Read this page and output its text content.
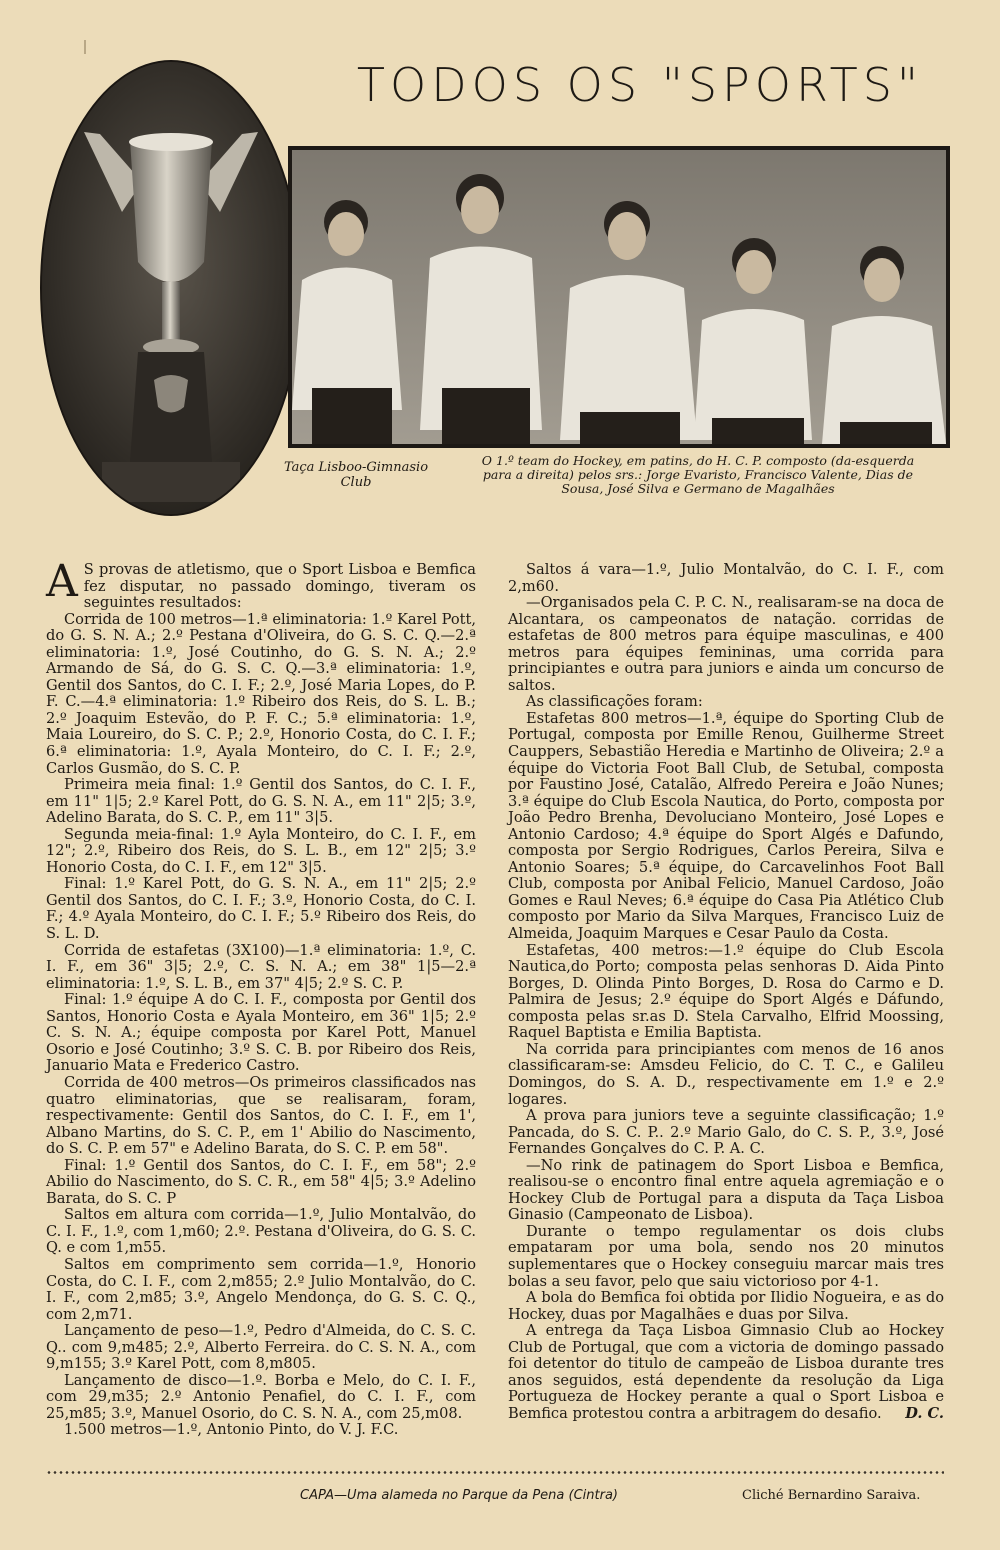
TODOS OS "SPORTS"
Taça Lisboo-Gimnasio Club
O 1.º team do Hockey, em patins, do H. C. P. composto (da-esquerda para a direita) pelos srs.: Jorge Evaristo, Francisco Valente, Dias de Sousa, José Silva e Germano de Magalhães

A S provas de atletismo, que o Sport Lisboa e Bemfica fez disputar, no passado domingo, tiveram os seguintes resultados:

Corrida de 100 metros—1.ª eliminatoria: 1.º Karel Pott, do G. S. N. A.; 2.º Pestana d'Oliveira, do G. S. C. Q.—2.ª eliminatoria: 1.º, José Coutinho, do G. S. N. A.; 2.º Armando de Sá, do G. S. C. Q.—3.ª eliminatoria: 1.º, Gentil dos Santos, do C. I. F.; 2.º, José Maria Lopes, do P. F. C.—4.ª eliminatoria: 1.º Ribeiro dos Reis, do S. L. B.; 2.º Joaquim Estevão, do P. F. C.; 5.ª eliminatoria: 1.º, Maia Loureiro, do S. C. P.; 2.º, Honorio Costa, do C. I. F.; 6.ª eliminatoria: 1.º, Ayala Monteiro, do C. I. F.; 2.º, Carlos Gusmão, do S. C. P.

Primeira meia final: 1.º Gentil dos Santos, do C. I. F., em 11" 1|5; 2.º Karel Pott, do G. S. N. A., em 11" 2|5; 3.º, Adelino Barata, do S. C. P., em 11" 3|5.

Segunda meia-final: 1.º Ayla Monteiro, do C. I. F., em 12"; 2.º, Ribeiro dos Reis, do S. L. B., em 12" 2|5; 3.º Honorio Costa, do C. I. F., em 12" 3|5.

Final: 1.º Karel Pott, do G. S. N. A., em 11" 2|5; 2.º Gentil dos Santos, do C. I. F.; 3.º, Honorio Costa, do C. I. F.; 4.º Ayala Monteiro, do C. I. F.; 5.º Ribeiro dos Reis, do S. L. D.

Corrida de estafetas (3X100)—1.ª eliminatoria: 1.º, C. I. F., em 36" 3|5; 2.º, C. S. N. A.; em 38" 1|5—2.ª eliminatoria: 1.º, S. L. B., em 37" 4|5; 2.º S. C. P.

Final: 1.º équipe A do C. I. F., composta por Gentil dos Santos, Honorio Costa e Ayala Monteiro, em 36" 1|5; 2.º C. S. N. A.; équipe composta por Karel Pott, Manuel Osorio e José Coutinho; 3.º S. C. B. por Ribeiro dos Reis, Januario Mata e Frederico Castro.

Corrida de 400 metros—Os primeiros classificados nas quatro eliminatorias, que se realisaram, foram, respectivamente: Gentil dos Santos, do C. I. F., em 1', Albano Martins, do S. C. P., em 1' Abilio do Nascimento, do S. C. P. em 57" e Adelino Barata, do S. C. P. em 58".

Final: 1.º Gentil dos Santos, do C. I. F., em 58"; 2.º Abilio do Nascimento, do S. C. R., em 58" 4|5; 3.º Adelino Barata, do S. C. P

Saltos em altura com corrida—1.º, Julio Montalvão, do C. I. F., 1.º, com 1,m60; 2.º. Pestana d'Oliveira, do G. S. C. Q. e com 1,m55.

Saltos em comprimento sem corrida—1.º, Honorio Costa, do C. I. F., com 2,m855; 2.º Julio Montalvão, do C. I. F., com 2,m85; 3.º, Angelo Mendonça, do G. S. C. Q., com 2,m71.

Lançamento de peso—1.º, Pedro d'Almeida, do C. S. C. Q.. com 9,m485; 2.º, Alberto Ferreira. do C. S. N. A., com 9,m155; 3.º Karel Pott, com 8,m805.

Lançamento de disco—1.º. Borba e Melo, do C. I. F., com 29,m35; 2.º Antonio Penafiel, do C. I. F., com 25,m85; 3.º, Manuel Osorio, do C. S. N. A., com 25,m08.

1.500 metros—1.º, Antonio Pinto, do V. J. F.C.

Saltos á vara—1.º, Julio Montalvão, do C. I. F., com 2,m60.

—Organisados pela C. P. C. N., realisaram-se na doca de Alcantara, os campeonatos de natação. corridas de estafetas de 800 metros para équipe masculinas, e 400 metros para équipes femininas, uma corrida para principiantes e outra para juniors e ainda um concurso de saltos.

As classificações foram:

Estafetas 800 metros—1.ª, équipe do Sporting Club de Portugal, composta por Emille Renou, Guilherme Street Cauppers, Sebastião Heredia e Martinho de Oliveira; 2.º a équipe do Victoria Foot Ball Club, de Setubal, composta por Faustino José, Catalão, Alfredo Pereira e João Nunes; 3.ª équipe do Club Escola Nautica, do Porto, composta por João Pedro Brenha, Devoluciano Monteiro, José Lopes e Antonio Cardoso; 4.ª équipe do Sport Algés e Dafundo, composta por Sergio Rodrigues, Carlos Pereira, Silva e Antonio Soares; 5.ª équipe, do Carcavelinhos Foot Ball Club, composta por Anibal Felicio, Manuel Cardoso, João Gomes e Raul Neves; 6.ª équipe do Casa Pia Atlético Club composto por Mario da Silva Marques, Francisco Luiz de Almeida, Joaquim Marques e Cesar Paulo da Costa.

Estafetas, 400 metros:—1.º équipe do Club Escola Nautica,do Porto; composta pelas senhoras D. Aida Pinto Borges, D. Olinda Pinto Borges, D. Rosa do Carmo e D. Palmira de Jesus; 2.º équipe do Sport Algés e Dáfundo, composta pelas sr.as D. Stela Carvalho, Elfrid Moossing, Raquel Baptista e Emilia Baptista.

Na corrida para principiantes com menos de 16 anos classificaram-se: Amsdeu Felicio, do C. T. C., e Galileu Domingos, do S. A. D., respectivamente em 1.º e 2.º logares.

A prova para juniors teve a seguinte classificação; 1.º Pancada, do S. C. P.. 2.º Mario Galo, do C. S. P., 3.º, José Fernandes Gonçalves do C. P. A. C.

—No rink de patinagem do Sport Lisboa e Bemfica, realisou-se o encontro final entre aquela agremiação e o Hockey Club de Portugal para a disputa da Taça Lisboa Ginasio (Campeonato de Lisboa).

Durante o tempo regulamentar os dois clubs empataram por uma bola, sendo nos 20 minutos suplementares que o Hockey conseguiu marcar mais tres bolas a seu favor, pelo que saiu victorioso por 4-1.

A bola do Bemfica foi obtida por Ilidio Nogueira, e as do Hockey, duas por Magalhães e duas por Silva.

A entrega da Taça Lisboa Gimnasio Club ao Hockey Club de Portugal, que com a victoria de domingo passado foi detentor do titulo de campeão de Lisboa durante tres anos seguidos, está dependente da resolução da Liga Portugueza de Hockey perante a qual o Sport Lisboa e Bemfica protestou contra a arbitragem do desafio.	D. C.

CAPA—Uma alameda no Parque da Pena (Cintra)	Cliché Bernardino Saraiva.
